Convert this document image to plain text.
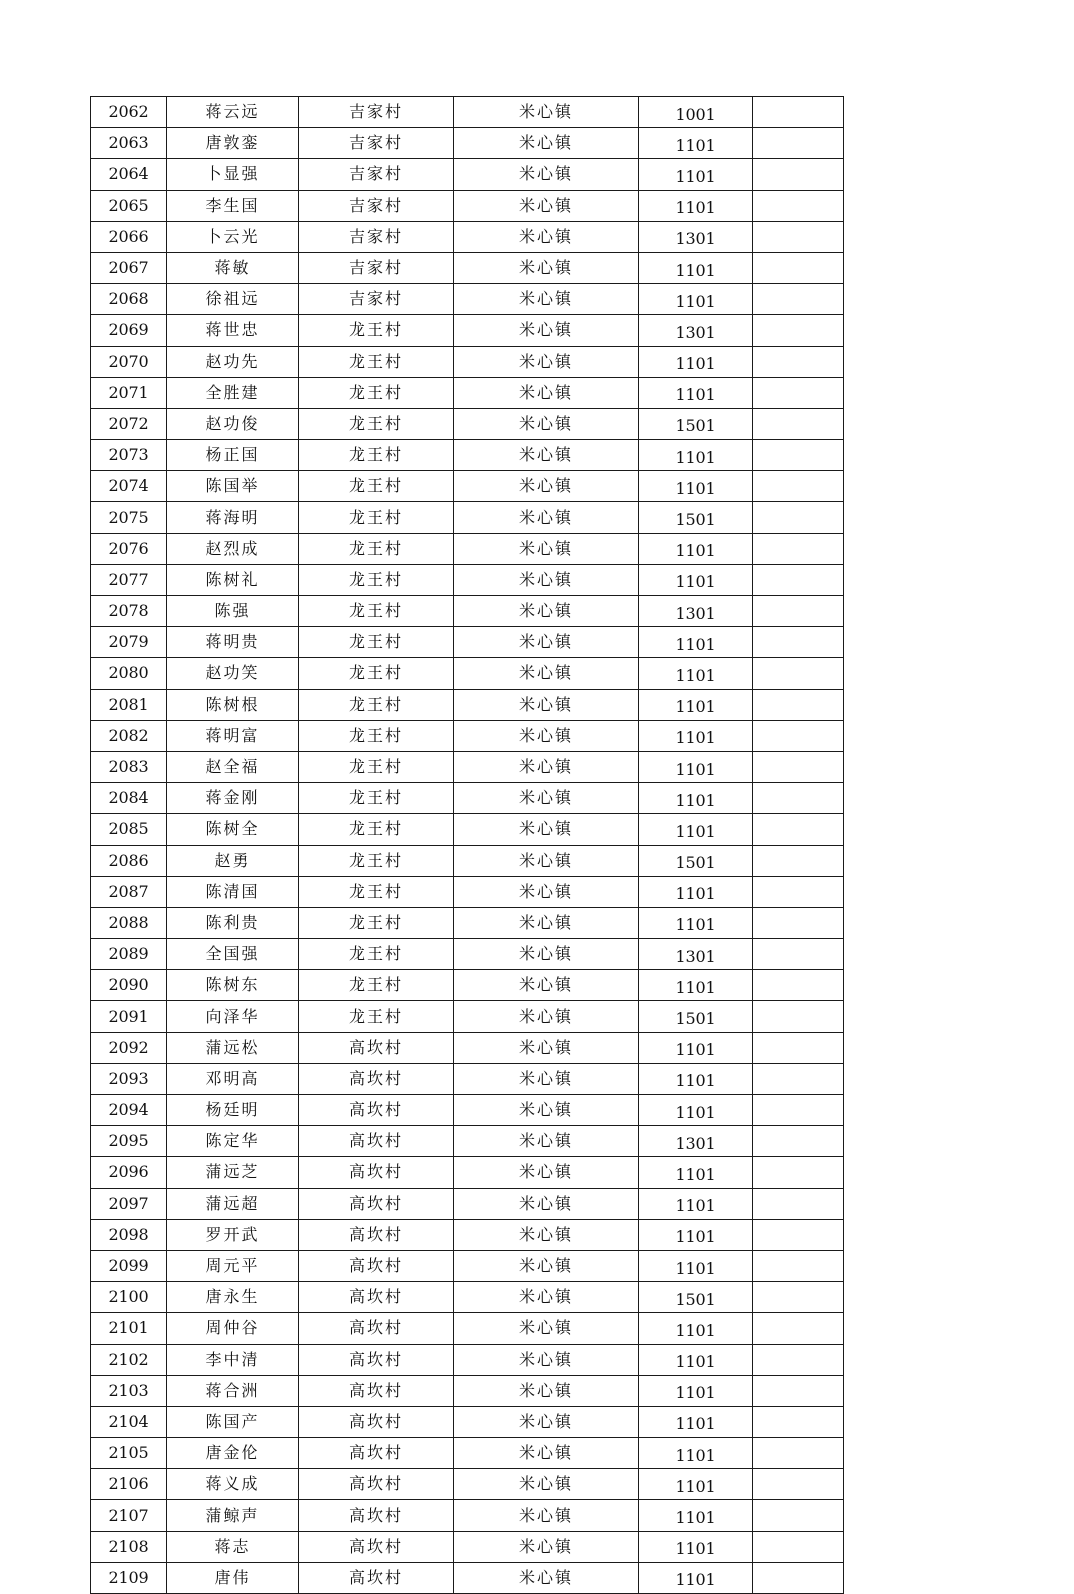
2062	蒋云远	吉家村	米心镇	1001	
2063	唐敦銮	吉家村	米心镇	1101	
2064	卜显强	吉家村	米心镇	1101	
2065	李生国	吉家村	米心镇	1101	
2066	卜云光	吉家村	米心镇	1301	
2067	蒋敏	吉家村	米心镇	1101	
2068	徐祖远	吉家村	米心镇	1101	
2069	蒋世忠	龙王村	米心镇	1301	
2070	赵功先	龙王村	米心镇	1101	
2071	全胜建	龙王村	米心镇	1101	
2072	赵功俊	龙王村	米心镇	1501	
2073	杨正国	龙王村	米心镇	1101	
2074	陈国举	龙王村	米心镇	1101	
2075	蒋海明	龙王村	米心镇	1501	
2076	赵烈成	龙王村	米心镇	1101	
2077	陈树礼	龙王村	米心镇	1101	
2078	陈强	龙王村	米心镇	1301	
2079	蒋明贵	龙王村	米心镇	1101	
2080	赵功笑	龙王村	米心镇	1101	
2081	陈树根	龙王村	米心镇	1101	
2082	蒋明富	龙王村	米心镇	1101	
2083	赵全福	龙王村	米心镇	1101	
2084	蒋金刚	龙王村	米心镇	1101	
2085	陈树全	龙王村	米心镇	1101	
2086	赵勇	龙王村	米心镇	1501	
2087	陈清国	龙王村	米心镇	1101	
2088	陈利贵	龙王村	米心镇	1101	
2089	全国强	龙王村	米心镇	1301	
2090	陈树东	龙王村	米心镇	1101	
2091	向泽华	龙王村	米心镇	1501	
2092	蒲远松	高坎村	米心镇	1101	
2093	邓明高	高坎村	米心镇	1101	
2094	杨廷明	高坎村	米心镇	1101	
2095	陈定华	高坎村	米心镇	1301	
2096	蒲远芝	高坎村	米心镇	1101	
2097	蒲远超	高坎村	米心镇	1101	
2098	罗开武	高坎村	米心镇	1101	
2099	周元平	高坎村	米心镇	1101	
2100	唐永生	高坎村	米心镇	1501	
2101	周仲谷	高坎村	米心镇	1101	
2102	李中清	高坎村	米心镇	1101	
2103	蒋合洲	高坎村	米心镇	1101	
2104	陈国产	高坎村	米心镇	1101	
2105	唐金伦	高坎村	米心镇	1101	
2106	蒋义成	高坎村	米心镇	1101	
2107	蒲鲸声	高坎村	米心镇	1101	
2108	蒋志	高坎村	米心镇	1101	
2109	唐伟	高坎村	米心镇	1101	
